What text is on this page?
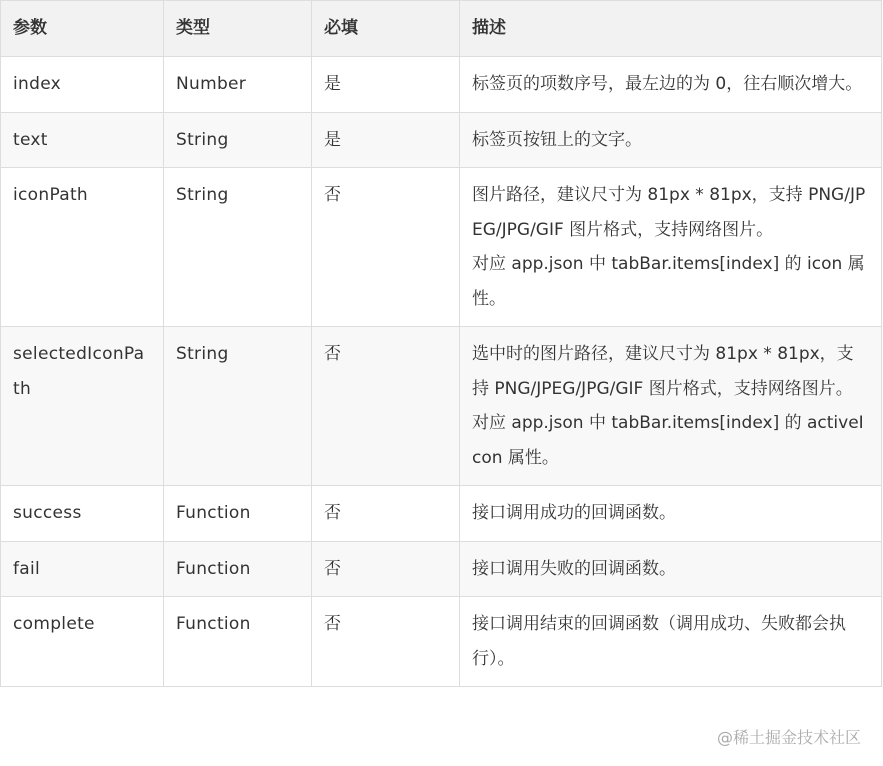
参数	类型	必填	描述
index	Number	是	标签页的项数序号，最左边的为 0，往右顺次增大。

text	String	是	标签页按钮上的文字。

iconPath	String	否	图片路径，建议尺寸为 81px * 81px，支持 PNG/JPEG/JPG/GIF 图片格式，支持网络图片。
对应 app.json 中 tabBar.items[index] 的 icon 属性。

selectedIconPath	String	否	选中时的图片路径，建议尺寸为 81px * 81px，支持 PNG/JPEG/JPG/GIF 图片格式，支持网络图片。
对应 app.json 中 tabBar.items[index] 的 activeIcon 属性。

success	Function	否	接口调用成功的回调函数。

fail	Function	否	接口调用失败的回调函数。

complete	Function	否	接口调用结束的回调函数（调用成功、失败都会执行）。
@稀土掘金技术社区
